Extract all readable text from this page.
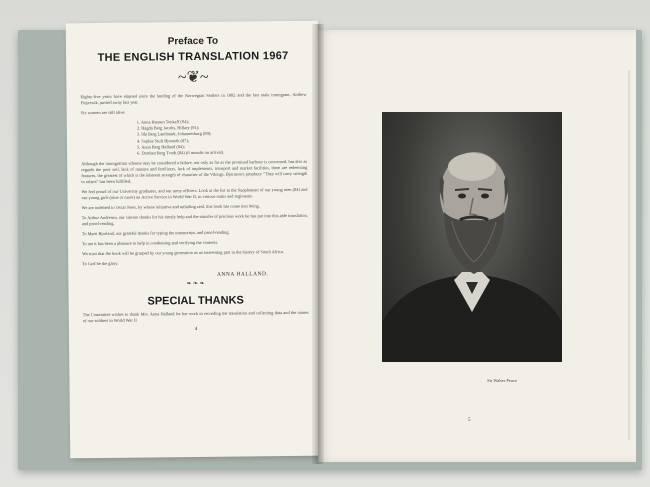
Preface To
THE ENGLISH TRANSLATION 1967
~❦~

Eighty-five years have elapsed since the landing of the Norwegian Settlers in 1882 and the last male immigrant, Andrew Finjerwik, passed away last year.

Six women are still alive:

1. Anna Hausen Tonkelf (94);
2. Hagda Berg Jacobs, Hillary (91);
3. Ida Berg Landmark, Johannesburg (89);
4. Sophie Stuft Bjoraeth (87);
5. Anna Berg Halland (84);
6. Dorthea Berg Tvedt (84) (6 months on arrival).

Although the immigration scheme may be considered a failure, not only as far as the promised harbour is concerned, but also as regards the poor soil, lack of manure and fertilizers, lack of implements, transport and market facilities, there are redeeming features, the greatest of which is the inherent strength of character of the Vikings. Bjornson's prophecy "They will carry strength to others" has been fulfilled.

We feel proud of our University graduates, and our army officers. Look at the list in the Supplement of our young men (84) and our young girls (nine or more) on Active Service in World War II, in various ranks and regiments.

We are indebted to Oscar Nees, by whose initiative and unfailing zeal, this book has come into being.

To Arthur Andresen, our sincere thanks for his timely help and the transfer of precious work he has put into this able translation, and proof-reading.

To Marit Bjorland, our grateful thanks for typing the manuscript, and proof-reading.

To me it has been a pleasure to help in condensing and verifying the contents.

We trust that the book will be grasped by our young generation as an interesting part in the history of South Africa.

To God be the glory.

ANNA HALLAND.
❧ ❧ ❧
SPECIAL THANKS

The Committee wishes to thank Mrs. Anna Halland for her work in recording the translation and collecting data and the names of our soldiers in World War II

4
Sir Walter Peace
5
